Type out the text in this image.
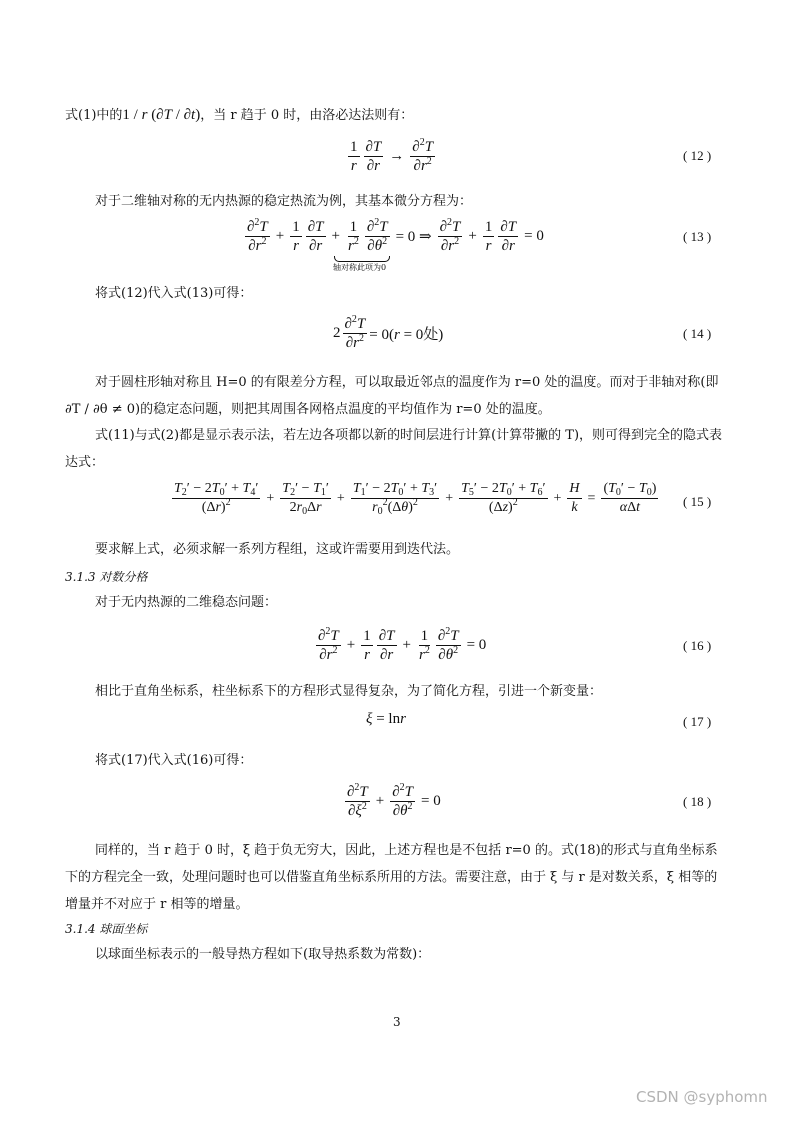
式(1)中的1 / r (∂T / ∂t)，当 r 趋于 0 时，由洛必达法则有：
1
r
∂T
∂r
→
∂$^2$T
$\partial r^2$	( 12 )
对于二维轴对称的无内热源的稳定热流为例，其基本微分方程为：
∂$^2$T
$\partial r^2 + \frac{1}{r} \partial T$
∂r
+ $\frac{1}{r^2} \frac{\partial^2T}{\partial\theta^2} = 0$ ⇒
∂$^2$T
$\partial r^2 + \frac{1}{r} \frac{\partial T}{\partial r} = 0$
轴对称此项为0
( 13 )
将式(12)代入式(13)可得：
$2 \frac{\partial^2T}{\partial r^2} = 0(r = 0$处)	( 14 )
对于圆柱形轴对称且 H=0 的有限差分方程，可以取最近邻点的温度作为 r=0 处的温度。而对于非轴对称(即 ∂T / ∂θ ≠ 0)的稳定态问题，则把其周围各网格点温度的平均值作为 r=0 处的温度。
式(11)与式(2)都是显示表示法，若左边各项都以新的时间层进行计算(计算带撇的 T)，则可得到完全的隐式表达式：
$T_2' - 2T_0' + T_4'$
$(\Delta r)^2$	+ $\frac{T_2' - T_1'}{2r_0\Delta r} + \frac{T_1' - 2T_0' + T_3'}{r_0^2(\Delta\theta)^2} + \frac{T_5' - 2T_0' + T_6'}{(\Delta z)^2} + \frac{H}{k}$ =
$(T_0' - T_0)$
αΔt	( 15 )
要求解上式，必须求解一系列方程组，这或许需要用到迭代法。
3.1.3 对数分格
对于无内热源的二维稳态问题：
∂$^2$T
$\partial r^2 + \frac{1}{r} \partial T$
∂r
+ $\frac{1}{r^2} \frac{\partial^2T}{\partial\theta^2} = 0$	( 16 )
相比于直角坐标系，柱坐标系下的方程形式显得复杂，为了简化方程，引进一个新变量：
ξ = lnr	( 17 )
将式(17)代入式(16)可得：
∂$^2$T
$\partial\xi^2 + \frac{\partial^2T}{\partial\theta^2} = 0$	( 18 )
同样的，当 r 趋于 0 时，ξ 趋于负无穷大，因此，上述方程也是不包括 r=0 的。式(18)的形式与直角坐标系下的方程完全一致，处理问题时也可以借鉴直角坐标系所用的方法。需要注意，由于 ξ 与 r 是对数关系，ξ 相等的增量并不对应于 r 相等的增量。
3.1.4 球面坐标
以球面坐标表示的一般导热方程如下(取导热系数为常数)：
3
CSDN @syphomn
